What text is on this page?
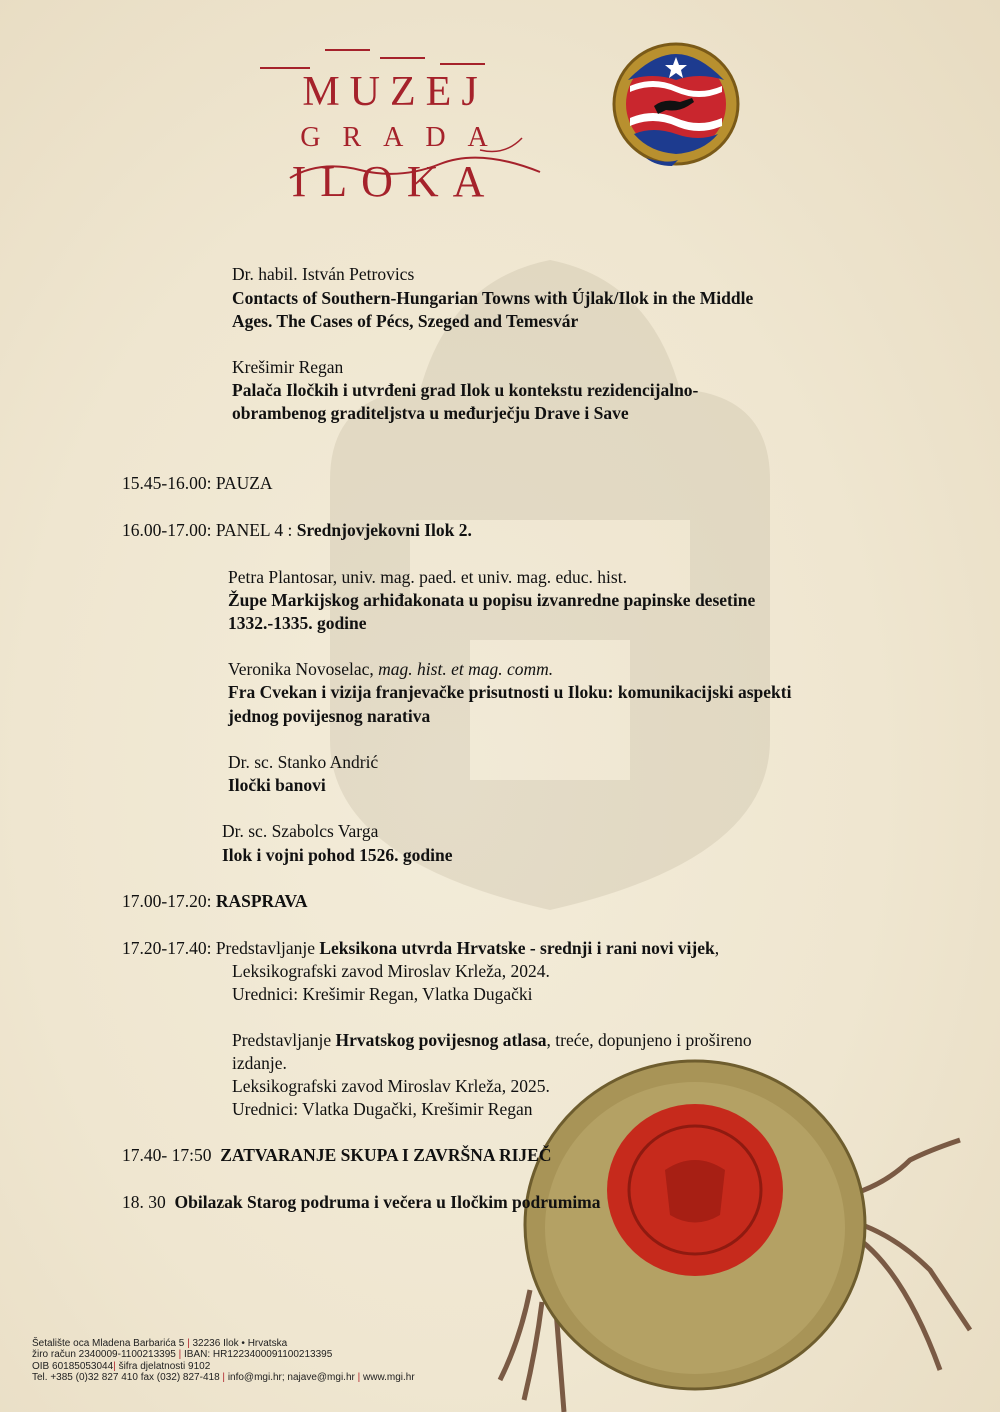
MUZEJ
GRADA
ILOKA
Dr. habil. István Petrovics
Contacts of Southern-Hungarian Towns with Újlak/Ilok in the Middle
Ages. The Cases of Pécs, Szeged and Temesvár
Krešimir Regan
Palača Iločkih i utvrđeni grad Ilok u kontekstu rezidencijalno-
obrambenog graditeljstva u međurječju Drave i Save
15.45-16.00: PAUZA
16.00-17.00: PANEL 4 : Srednjovjekovni Ilok 2.
Petra Plantosar, univ. mag. paed. et univ. mag. educ. hist.
Župe Markijskog arhiđakonata u popisu izvanredne papinske desetine
1332.-1335. godine
Veronika Novoselac, mag. hist. et mag. comm.
Fra Cvekan i vizija franjevačke prisutnosti u Iloku: komunikacijski aspekti
jednog povijesnog narativa
Dr. sc. Stanko Andrić
Iločki banovi
Dr. sc. Szabolcs Varga
Ilok i vojni pohod 1526. godine
17.00-17.20: RASPRAVA
17.20-17.40: Predstavljanje Leksikona utvrda Hrvatske - srednji i rani novi vijek,
Leksikografski zavod Miroslav Krleža, 2024.
Urednici: Krešimir Regan, Vlatka Dugački
Predstavljanje Hrvatskog povijesnog atlasa, treće, dopunjeno i prošireno
izdanje.
Leksikografski zavod Miroslav Krleža, 2025.
Urednici: Vlatka Dugački, Krešimir Regan
17.40- 17:50 ZATVARANJE SKUPA I ZAVRŠNA RIJEČ
18. 30 Obilazak Starog podruma i večera u Iločkim podrumima
Šetalište oca Mladena Barbarića 5 | 32236 Ilok • Hrvatska
žiro račun 2340009-1100213395 | IBAN: HR1223400091100213395
OIB 60185053044| šifra djelatnosti 9102
Tel. +385 (0)32 827 410 fax (032) 827-418 | info@mgi.hr; najave@mgi.hr | www.mgi.hr
